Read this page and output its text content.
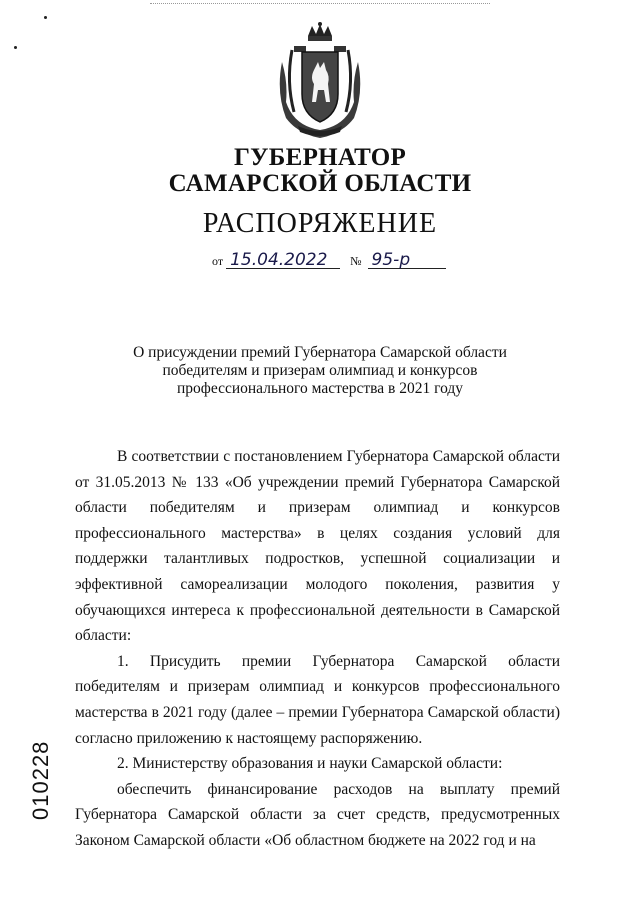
ГУБЕРНАТОР
САМАРСКОЙ ОБЛАСТИ
РАСПОРЯЖЕНИЕ
от 15.04.2022	№ 95-р
О присуждении премий Губернатора Самарской области
победителям и призерам олимпиад и конкурсов
профессионального мастерства в 2021 году

В соответствии с постановлением Губернатора Самарской области от 31.05.2013 № 133 «Об учреждении премий Губернатора Самарской области победителям и призерам олимпиад и конкурсов профессионального мастерства» в целях создания условий для поддержки талантливых подростков, успешной социализации и эффективной самореализации молодого поколения, развития у обучающихся интереса к профессиональной деятельности в Самарской области:

1. Присудить премии Губернатора Самарской области победителям и призерам олимпиад и конкурсов профессионального мастерства в 2021 году (далее – премии Губернатора Самарской области) согласно приложению к настоящему распоряжению.

2. Министерству образования и науки Самарской области:

обеспечить финансирование расходов на выплату премий Губернатора Самарской области за счет средств, предусмотренных Законом Самарской области «Об областном бюджете на 2022 год и на

010228
